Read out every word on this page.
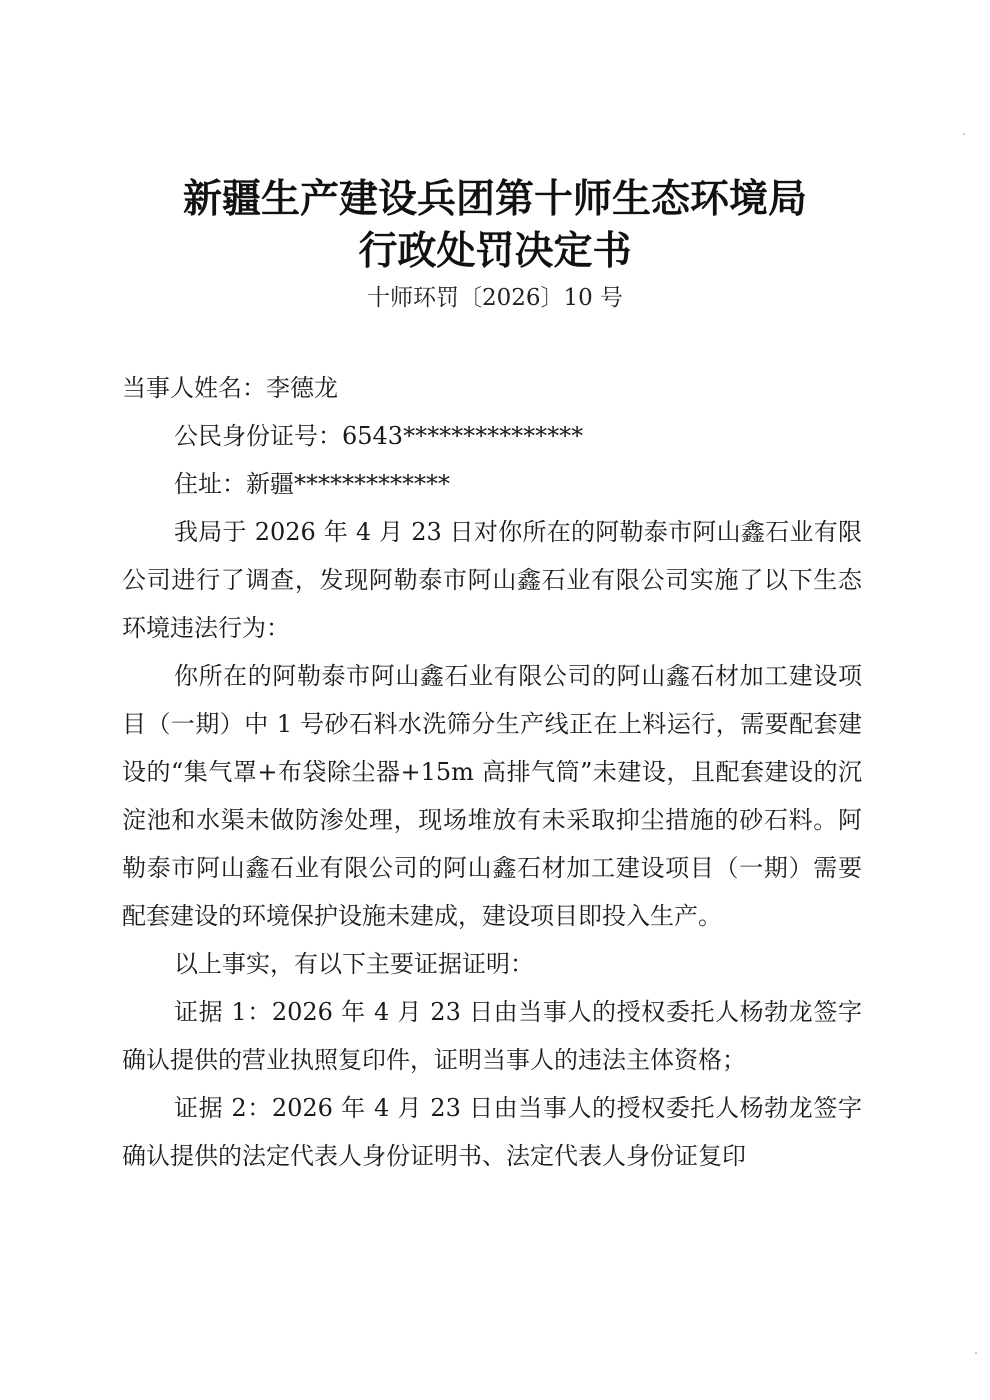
新疆生产建设兵团第十师生态环境局
行政处罚决定书
十师环罚〔2026〕10 号

当事人姓名：李德龙

公民身份证号：6543***************

住址：新疆*************

我局于 2026 年 4 月 23 日对你所在的阿勒泰市阿山鑫石业有限公司进行了调查，发现阿勒泰市阿山鑫石业有限公司实施了以下生态环境违法行为：

你所在的阿勒泰市阿山鑫石业有限公司的阿山鑫石材加工建设项目（一期）中 1 号砂石料水洗筛分生产线正在上料运行，需要配套建设的“集气罩+布袋除尘器+15m 高排气筒”未建设，且配套建设的沉淀池和水渠未做防渗处理，现场堆放有未采取抑尘措施的砂石料。阿勒泰市阿山鑫石业有限公司的阿山鑫石材加工建设项目（一期）需要配套建设的环境保护设施未建成，建设项目即投入生产。

以上事实，有以下主要证据证明：

证据 1：2026 年 4 月 23 日由当事人的授权委托人杨勃龙签字确认提供的营业执照复印件，证明当事人的违法主体资格；

证据 2：2026 年 4 月 23 日由当事人的授权委托人杨勃龙签字确认提供的法定代表人身份证明书、法定代表人身份证复印
